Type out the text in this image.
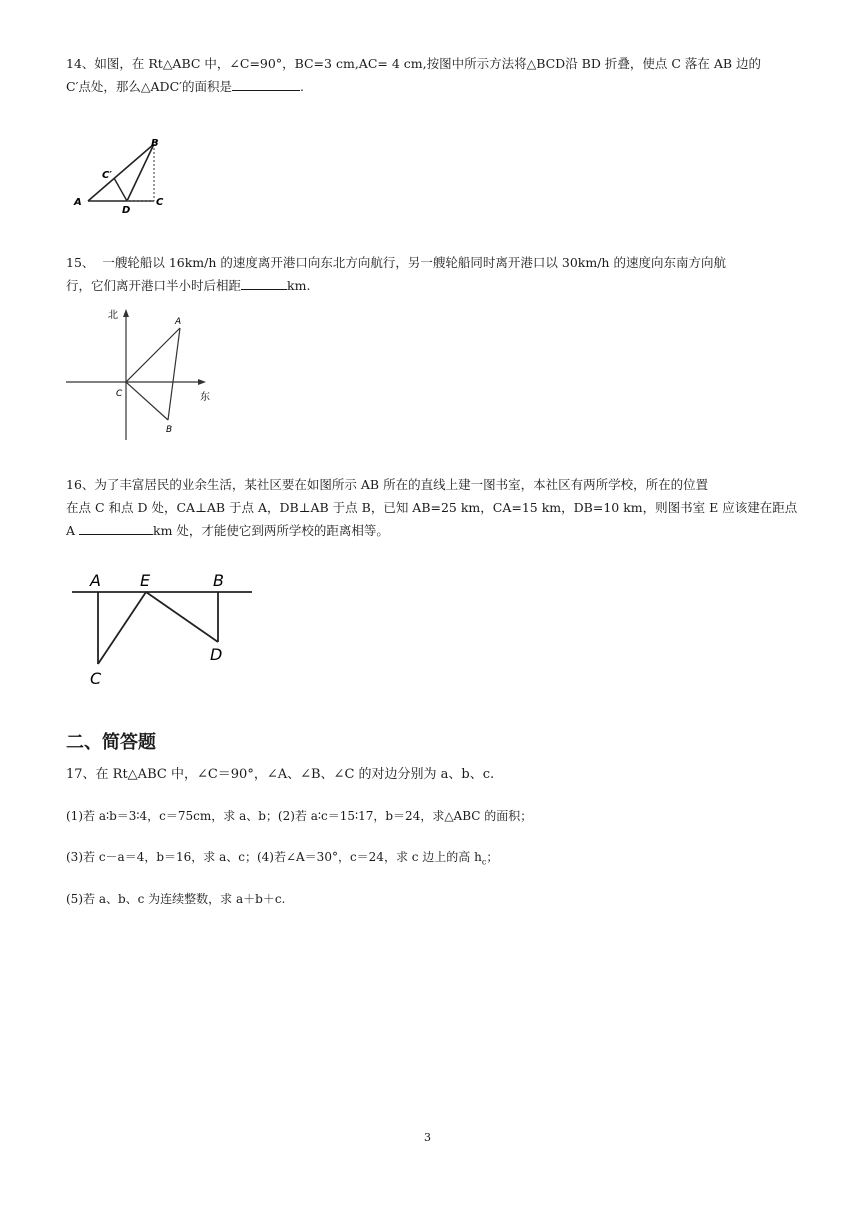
14、如图，在 Rt△ABC 中，∠C=90°，BC=3 cm,AC= 4 cm,按图中所示方法将△BCD沿 BD 折叠，使点 C 落在 AB 边的
C′点处，那么△ADC′的面积是	.
A
B
C′
D
C
15、  一艘轮船以 16km/h 的速度离开港口向东北方向航行，另一艘轮船同时离开港口以 30km/h 的速度向东南方向航
行，它们离开港口半小时后相距	km.
北
东
C
A
B
16、为了丰富居民的业余生活，某社区要在如图所示 AB 所在的直线上建一图书室，本社区有两所学校，所在的位置
在点 C 和点 D 处，CA⊥AB 于点 A，DB⊥AB 于点 B，已知 AB=25 km，CA=15 km，DB=10 km，则图书室 E 应该建在距点
A	km 处，才能使它到两所学校的距离相等。
A E	B
C
D
二、简答题
17、在 Rt△ABC 中，∠C＝90°，∠A、∠B、∠C 的对边分别为 a、b、c.
(1)若 a∶b＝3∶4，c＝75cm，求 a、b；(2)若 a∶c＝15∶17，b＝24，求△ABC 的面积；
(3)若 c－a＝4，b＝16，求 a、c；(4)若∠A＝30°，c＝24，求 c 边上的高 $h_c$；
(5)若 a、b、c 为连续整数，求 a＋b＋c.
3
